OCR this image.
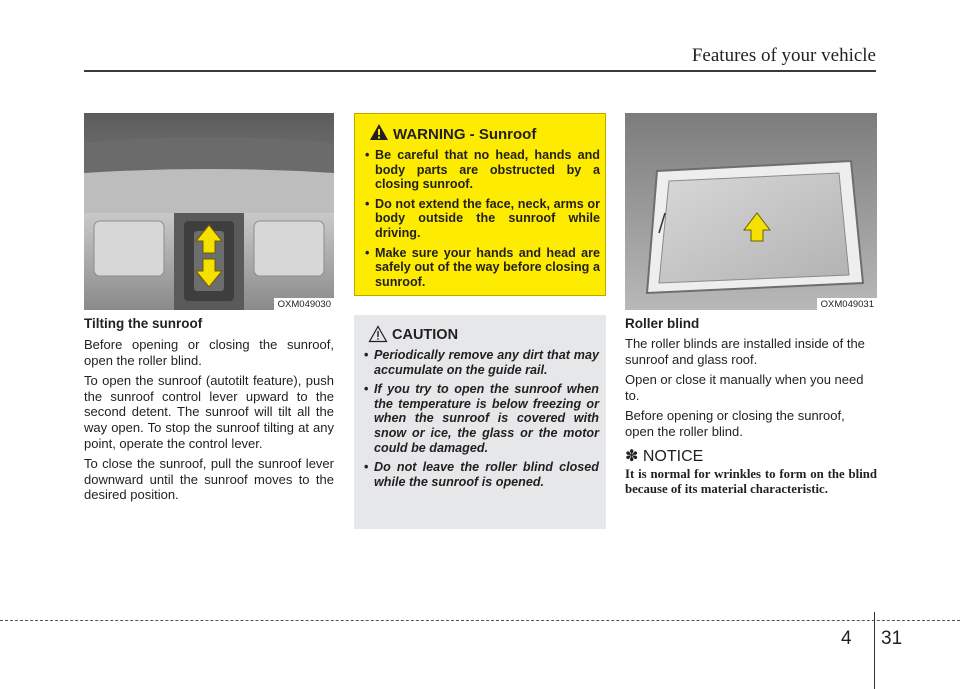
Features of your vehicle
OXM049030

Tilting the sunroof

Before opening or closing the sunroof, open the roller blind.

To open the sunroof (autotilt feature), push the sunroof control lever upward to the second detent. The sunroof will tilt all the way open. To stop the sunroof tilting at any point, operate the control lever.

To close the sunroof, pull the sunroof lever downward until the sunroof moves to the desired position.

WARNING - Sunroof
• Be careful that no head, hands and body parts are obstructed by a closing sunroof.
• Do not extend the face, neck, arms or body outside the sunroof while driving.
• Make sure your hands and head are safely out of the way before closing a sunroof.
CAUTION
• Periodically remove any dirt that may accumulate on the guide rail.
• If you try to open the sunroof when the temperature is below freezing or when the sunroof is covered with snow or ice, the glass or the motor could be damaged.
• Do not leave the roller blind closed while the sunroof is opened.
OXM049031

Roller blind

The roller blinds are installed inside of the sunroof and glass roof.

Open or close it manually when you need to.

Before opening or closing the sunroof, open the roller blind.

✽ NOTICE
It is normal for wrinkles to form on the blind because of its material characteristic.
4 31
